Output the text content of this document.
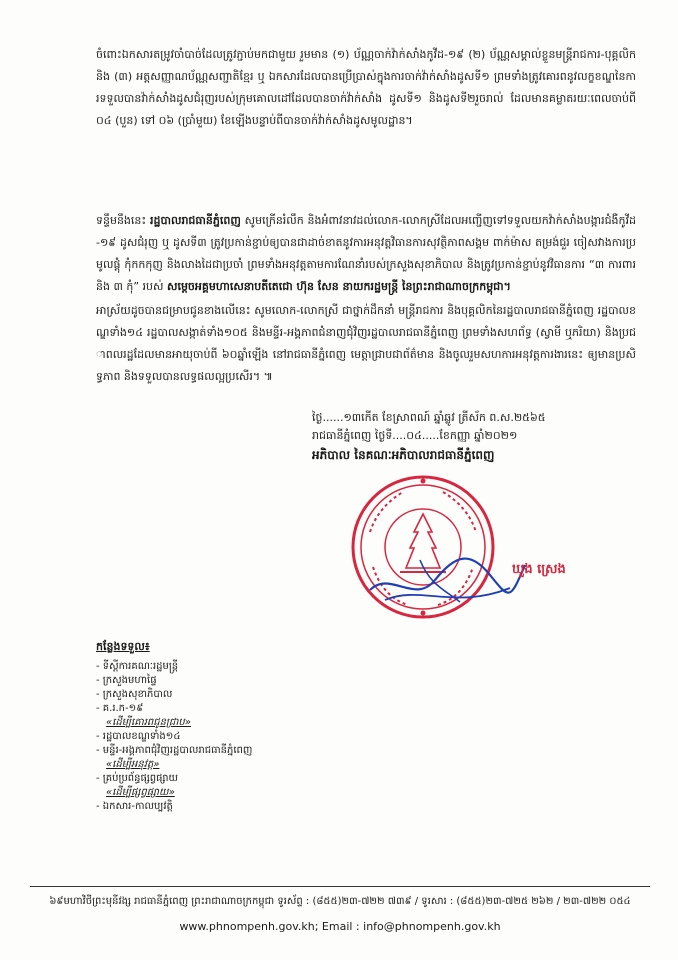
ចំពោះឯកសារតម្រូវចាំបាច់ដែលត្រូវភ្ជាប់មកជាមួយ រួមមាន (១) ប័ណ្ណចាក់វ៉ាក់សាំងកូវីដ-១៩ (២) ប័ណ្ណសម្គាល់ខ្លួនមន្ត្រីរាជការ-បុគ្គលិក និង (៣) អត្តសញ្ញាណប័ណ្ណសញ្ជាតិខ្មែរ ឬ ឯកសារដែលបានប្រើប្រាស់ក្នុងការចាក់វ៉ាក់សាំងដូសទី១ ព្រមទាំងត្រូវគោរពនូវលក្ខខណ្ឌនៃការទទួលបានវ៉ាក់សាំងដូសជំរុញរបស់ក្រុមគោលដៅដែលបានចាក់វ៉ាក់សាំង ដូសទី១ និងដូសទី២រួចរាល់ ដែលមានគម្លាតរយៈពេលចាប់ពី ០៤ (បួន) ទៅ ០៦ (ប្រាំមួយ) ខែឡើងបន្ទាប់ពីបានចាក់វ៉ាក់សាំងដូសមូលដ្ឋាន។

ទន្ទឹមនឹងនេះ រដ្ឋបាលរាជធានីភ្នំពេញ សូមក្រើនរំលឹក និងអំពាវនាវដល់លោក-លោកស្រីដែលអញ្ជើញទៅទទួលយកវ៉ាក់សាំងបង្ការជំងឺកូវីដ-១៩ ដូសជំរុញ ឬ ដូសទី៣ ត្រូវប្រកាន់ខ្ជាប់ឲ្យបានជាដាច់ខាតនូវការអនុវត្តវិធានការសុវត្ថិភាពសង្គម ពាក់ម៉ាស តម្រង់ជួរ ចៀសវាងការប្រមូលផ្តុំ កុំកកកុញ និងលាងដៃជាប្រចាំ ព្រមទាំងអនុវត្តតាមការណែនាំរបស់ក្រសួងសុខាភិបាល និងត្រូវប្រកាន់ខ្ជាប់នូវវិធានការ “៣ ការពារ និង ៣ កុំ” របស់ សម្តេចអគ្គមហាសេនាបតីតេជោ ហ៊ុន សែន នាយករដ្ឋមន្ត្រី នៃព្រះរាជាណាចក្រកម្ពុជា។

អាស្រ័យដូចបានជម្រាបជូនខាងលើនេះ សូមលោក-លោកស្រី ជាថ្នាក់ដឹកនាំ មន្ត្រីរាជការ និងបុគ្គលិកនៃរដ្ឋបាលរាជធានីភ្នំពេញ រដ្ឋបាលខណ្ឌទាំង១៤ រដ្ឋបាលសង្កាត់ទាំង១០៥ និងមន្ទីរ-អង្គភាពជំនាញជុំវិញរដ្ឋបាលរាជធានីភ្នំពេញ ព្រមទាំងសហព័ទ្ធ (ស្វាមី ឬភរិយា) និងប្រជាពលរដ្ឋដែលមានអាយុចាប់ពី ៦០ឆ្នាំឡើង នៅរាជធានីភ្នំពេញ មេត្តាជ្រាបជាព័ត៌មាន និងចូលរួមសហការអនុវត្តការងារនេះ ឲ្យមានប្រសិទ្ធភាព និងទទួលបានលទ្ធផលល្អប្រសើរ។ ៕

ថ្ងៃ......១៣កើត ខែស្រាពណ៍ ឆ្នាំឆ្លូវ ត្រីស័ក ព.ស.២៥៦៥
រាជធានីភ្នំពេញ ថ្ងៃទី....០៤.....ខែកញ្ញា ឆ្នាំ២០២១
អភិបាល នៃគណៈអភិបាលរាជធានីភ្នំពេញ
ឃួង ស្រេង
កន្លែងទទួល៖
- ទីស្តីការគណៈរដ្ឋមន្ត្រី
- ក្រសួងមហាផ្ទៃ
- ក្រសួងសុខាភិបាល
- គ.រ.ក-១៩
«ដើម្បីគោរពជូនជ្រាប»
- រដ្ឋបាលខណ្ឌទាំង១៤
- មន្ទីរ-អង្គភាពជុំវិញរដ្ឋបាលរាជធានីភ្នំពេញ
«ដើម្បីអនុវត្ត»
- គ្រប់ប្រព័ន្ធផ្សព្វផ្សាយ
«ដើម្បីផ្សព្វផ្សាយ»
- ឯកសារ-កាលប្បវត្តិ
៦៩មហាវិថីព្រះមុនីវង្ស រាជធានីភ្នំពេញ ព្រះរាជាណាចក្រកម្ពុជា ទូរស័ព្ទ : (៨៥៥)២៣-៧២២ ៧៣៩ / ទូរសារ : (៨៥៥)២៣-៧២៥ ២៦២ / ២៣-៧២២ ០៥៤
www.phnompenh.gov.kh; Email : info@phnompenh.gov.kh
